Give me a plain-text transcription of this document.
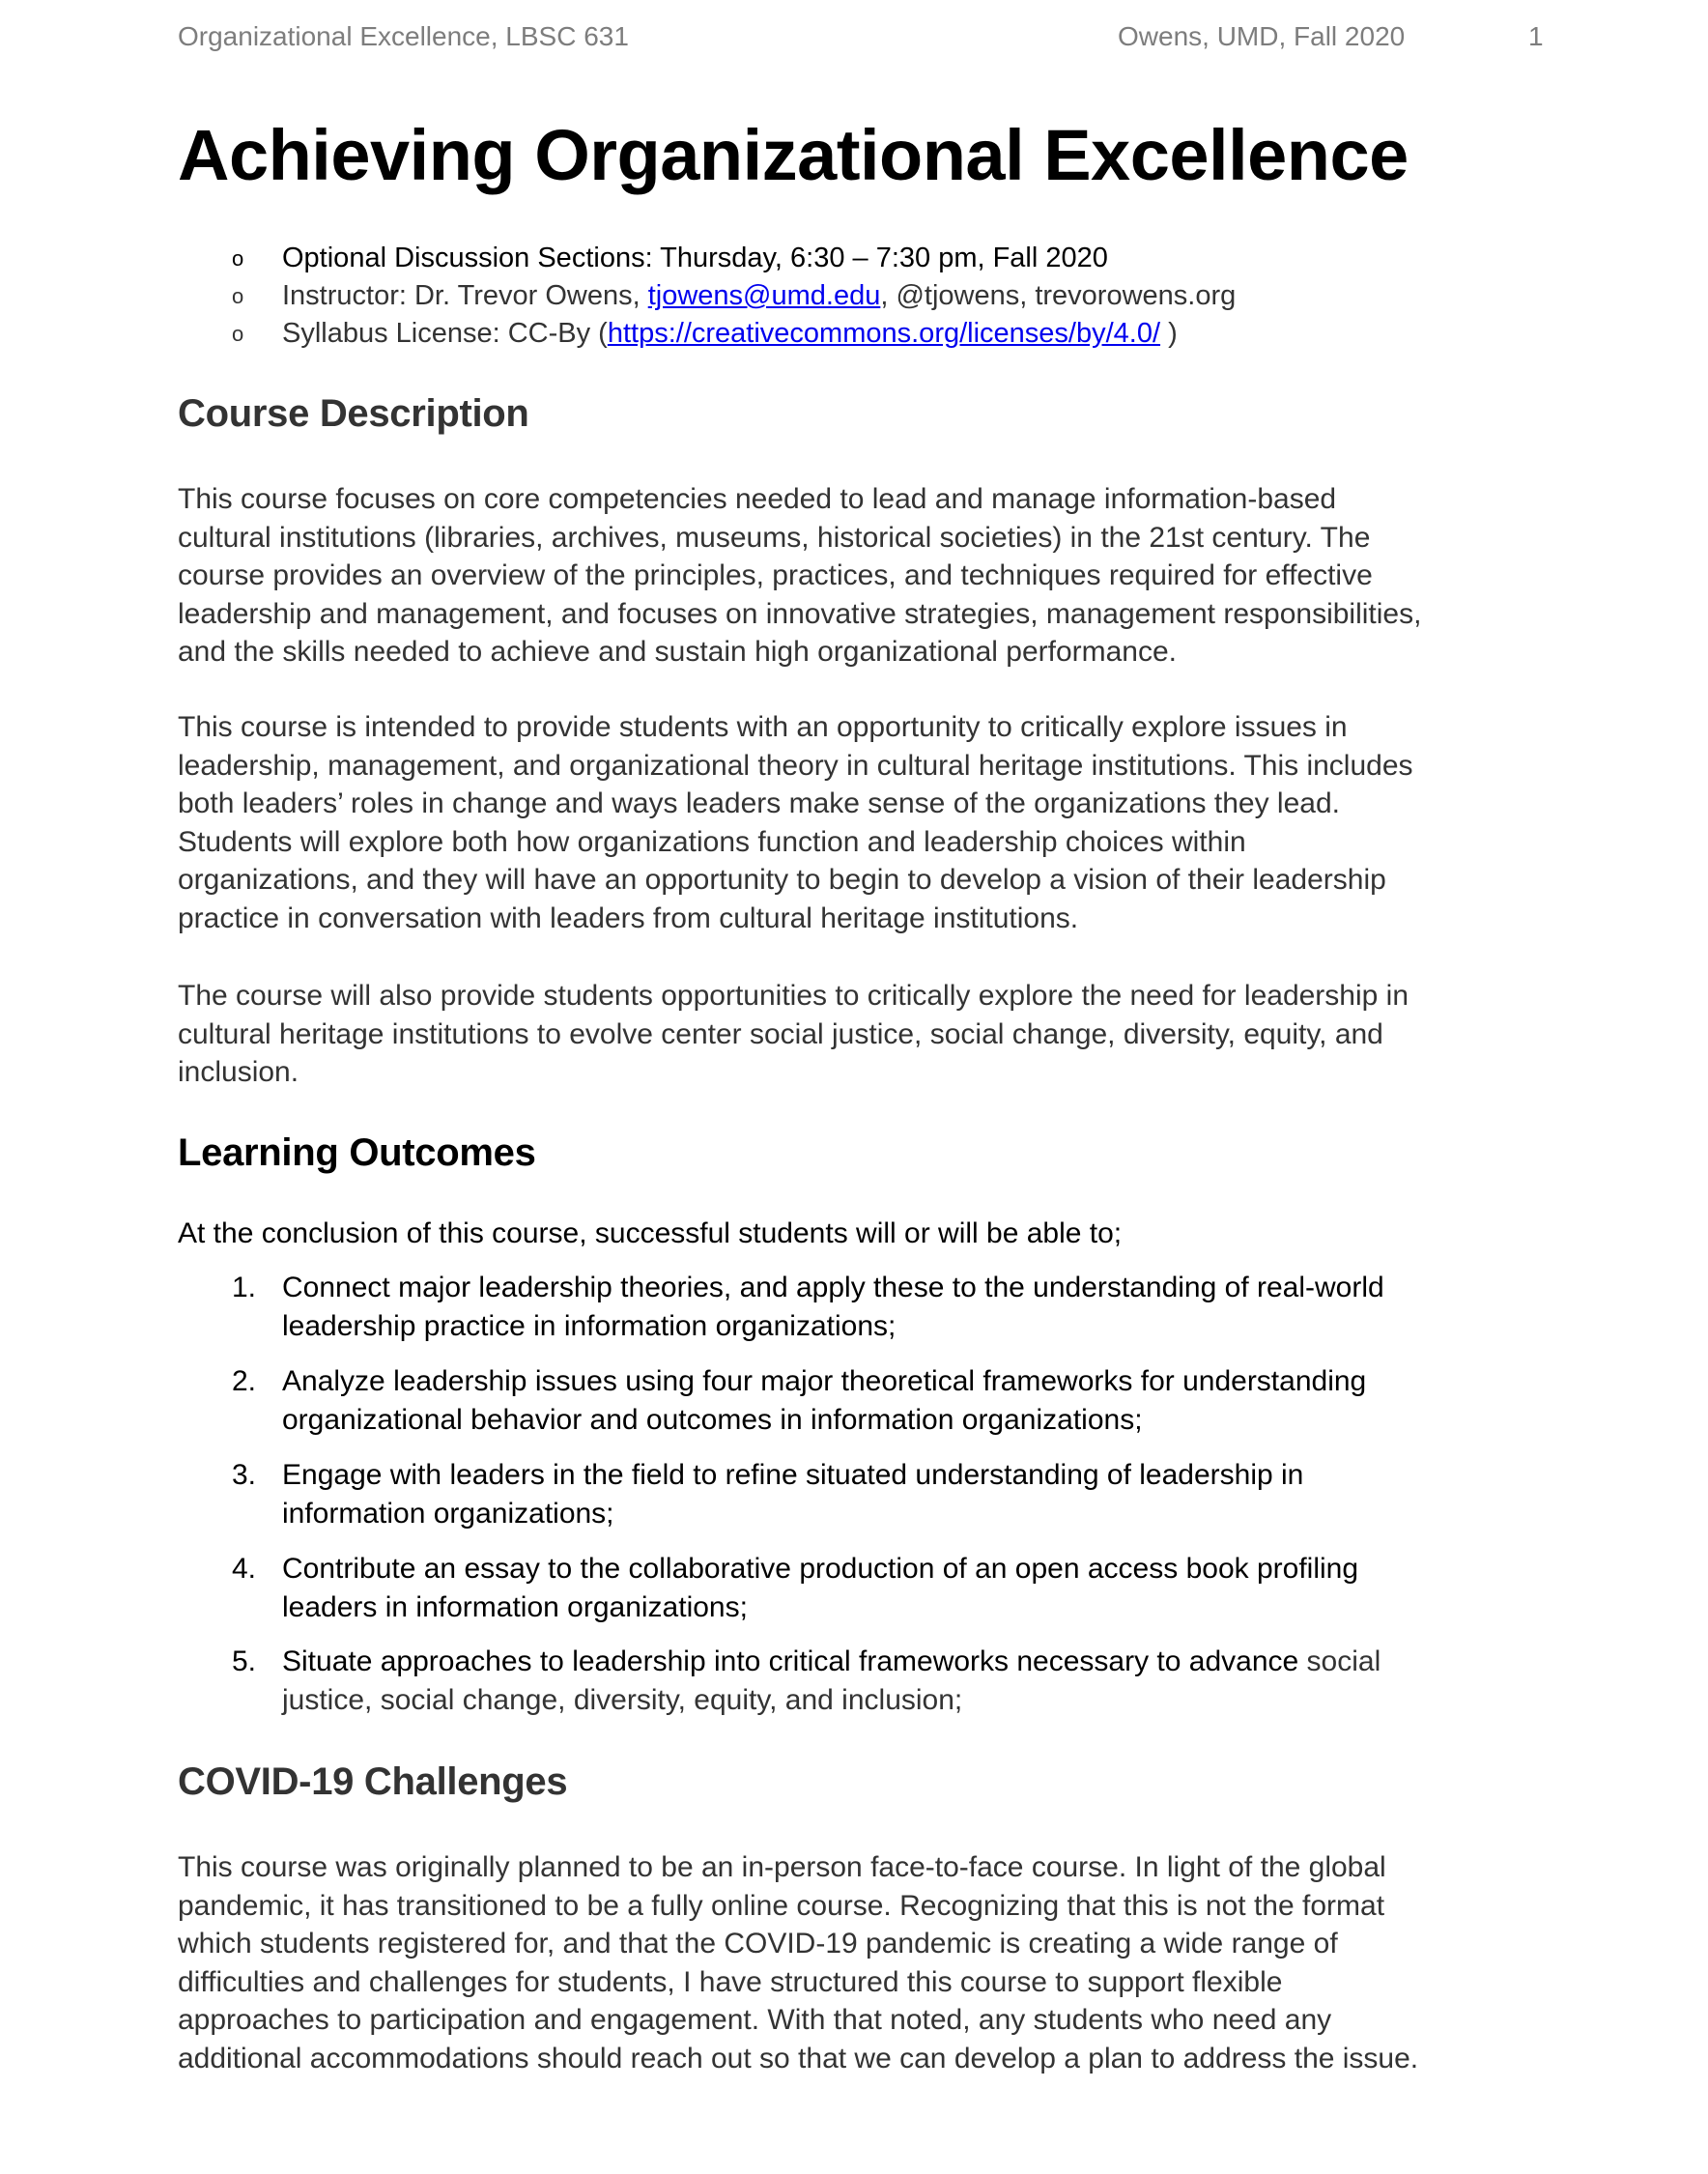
Organizational Excellence, LBSC 631	Owens, UMD, Fall 2020	1
Achieving Organizational Excellence
o Optional Discussion Sections: Thursday, 6:30 – 7:30 pm, Fall 2020
o Instructor: Dr. Trevor Owens, tjowens@umd.edu, @tjowens, trevorowens.org
o Syllabus License: CC-By (https://creativecommons.org/licenses/by/4.0/ )
Course Description
This course focuses on core competencies needed to lead and manage information-based
cultural institutions (libraries, archives, museums, historical societies) in the 21st century. The
course provides an overview of the principles, practices, and techniques required for effective
leadership and management, and focuses on innovative strategies, management responsibilities,
and the skills needed to achieve and sustain high organizational performance.
This course is intended to provide students with an opportunity to critically explore issues in
leadership, management, and organizational theory in cultural heritage institutions. This includes
both leaders’ roles in change and ways leaders make sense of the organizations they lead.
Students will explore both how organizations function and leadership choices within
organizations, and they will have an opportunity to begin to develop a vision of their leadership
practice in conversation with leaders from cultural heritage institutions.
The course will also provide students opportunities to critically explore the need for leadership in
cultural heritage institutions to evolve center social justice, social change, diversity, equity, and
inclusion.
Learning Outcomes
At the conclusion of this course, successful students will or will be able to;
1. Connect major leadership theories, and apply these to the understanding of real-world
leadership practice in information organizations;
2. Analyze leadership issues using four major theoretical frameworks for understanding
organizational behavior and outcomes in information organizations;
3. Engage with leaders in the field to refine situated understanding of leadership in
information organizations;
4. Contribute an essay to the collaborative production of an open access book profiling
leaders in information organizations;
5. Situate approaches to leadership into critical frameworks necessary to advance social
justice, social change, diversity, equity, and inclusion;
COVID-19 Challenges
This course was originally planned to be an in-person face-to-face course. In light of the global
pandemic, it has transitioned to be a fully online course. Recognizing that this is not the format
which students registered for, and that the COVID-19 pandemic is creating a wide range of
difficulties and challenges for students, I have structured this course to support flexible
approaches to participation and engagement. With that noted, any students who need any
additional accommodations should reach out so that we can develop a plan to address the issue.
